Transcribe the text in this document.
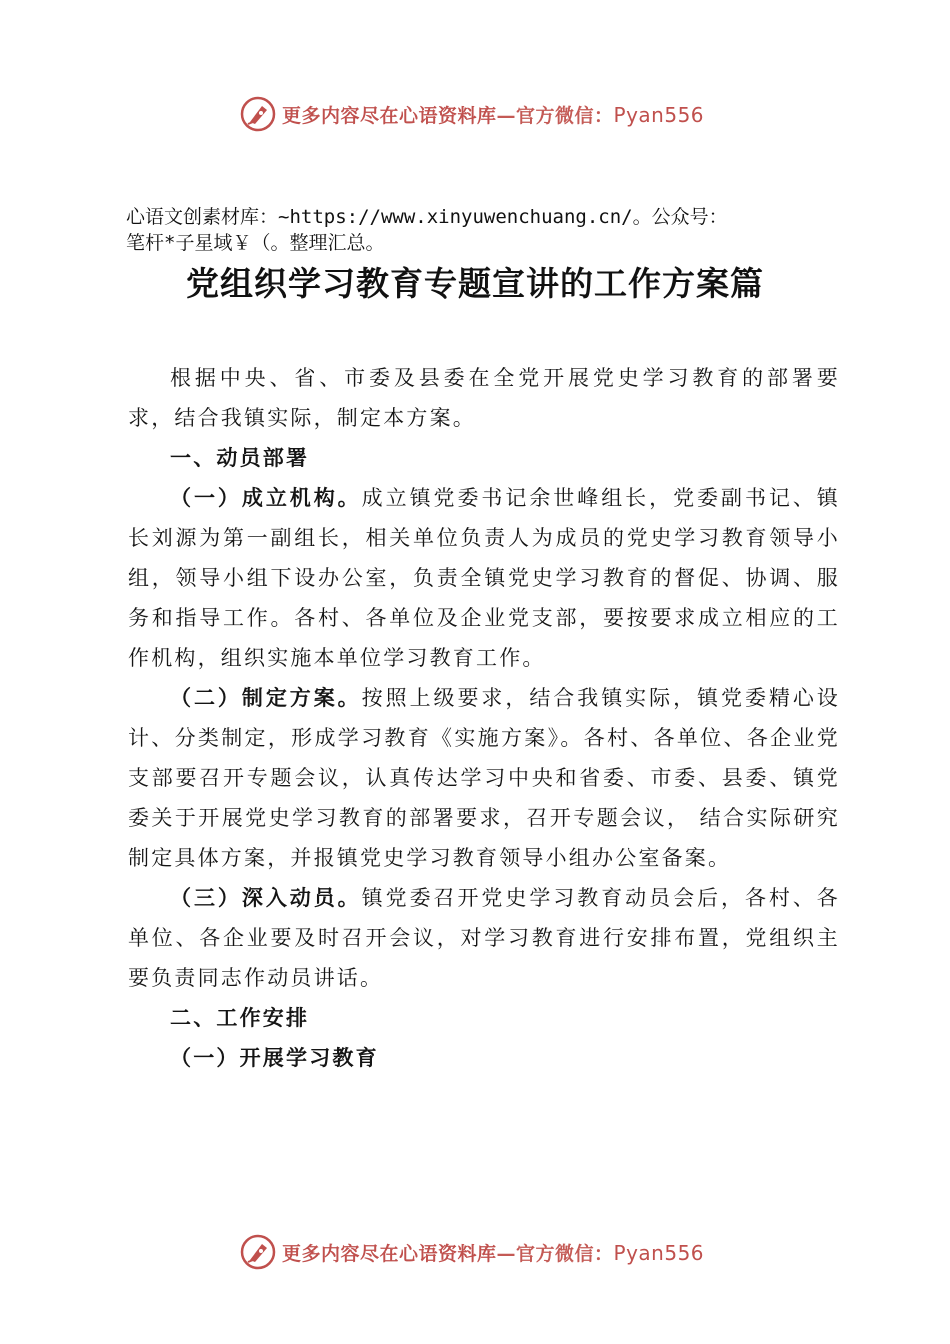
更多内容尽在心语资料库—官方微信：Pyan556
心语文创素材库：~https://www.xinyuwenchuang.cn/。公众号：
笔杆*子星域￥（。整理汇总。
党组织学习教育专题宣讲的工作方案篇

根据中央、省、市委及县委在全党开展党史学习教育的部署要求，结合我镇实际，制定本方案。

一、动员部署

（一）成立机构。成立镇党委书记余世峰组长，党委副书记、镇长刘源为第一副组长，相关单位负责人为成员的党史学习教育领导小组，领导小组下设办公室，负责全镇党史学习教育的督促、协调、服务和指导工作。各村、各单位及企业党支部，要按要求成立相应的工作机构，组织实施本单位学习教育工作。

（二）制定方案。按照上级要求，结合我镇实际，镇党委精心设计、分类制定，形成学习教育《实施方案》。各村、各单位、各企业党支部要召开专题会议，认真传达学习中央和省委、市委、县委、镇党委关于开展党史学习教育的部署要求，召开专题会议， 结合实际研究制定具体方案，并报镇党史学习教育领导小组办公室备案。

（三）深入动员。镇党委召开党史学习教育动员会后，各村、各单位、各企业要及时召开会议，对学习教育进行安排布置，党组织主要负责同志作动员讲话。

二、工作安排

（一）开展学习教育

更多内容尽在心语资料库—官方微信：Pyan556
